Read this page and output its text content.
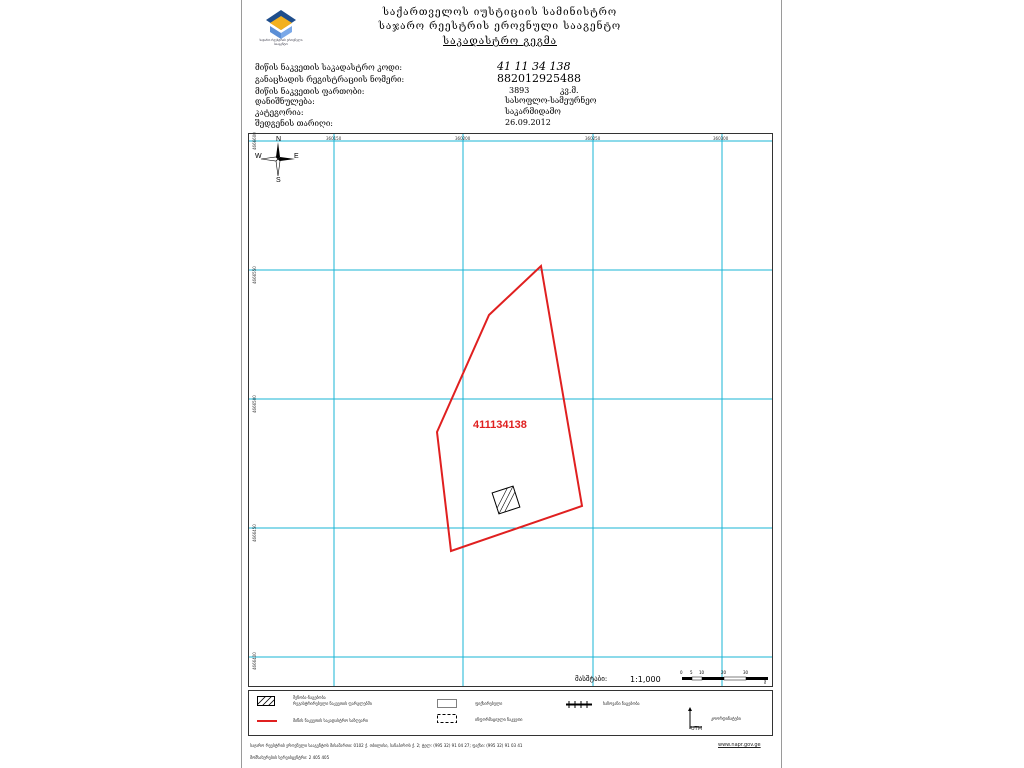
საჯარო რეესტრის ეროვნული სააგენტო
საქართველოს იუსტიციის სამინისტრო
საჯარო რეესტრის ეროვნული სააგენტო
საკადასტრო გეგმა
მიწის ნაკვეთის საკადასტრო კოდი:	41 11 34 138
განაცხადის რეგისტრაციის ნომერი:	882012925488
მიწის ნაკვეთის ფართობი:	3893	კვ.მ.
დანიშნულება:	სასოფლო-სამეურნეო
კატეგორია:	საკარმიდამო
შედგენის თარიღი:	26.09.2012
360150	360200	360250	360300
4666600
4666550
4666500
4666450
4666400
411134138
N
S
E
W
მასშტაბი:	1:1,000
0 5 10	20	30
მ
შენობა-ნაგებობა
რეგისტრირებული ნაკვეთის ფარგლებში
მიწის ნაკვეთის საკადასტრო საზღვარი
ფიქსირებული
ინფორმაციული ნაკვეთი
ხაზოვანი ნაგებობა
UTM
კოორდინატები
საჯარო რეესტრის ეროვნული სააგენტოს მისამართი: 0102 ქ. თბილისი, სანაპიროს ქ. 2; ტელ: (995 32) 91 04 27; ფაქსი: (995 32) 91 03 41
მომსახურების სერვისცენტრი: 2 405 405
www.napr.gov.ge
